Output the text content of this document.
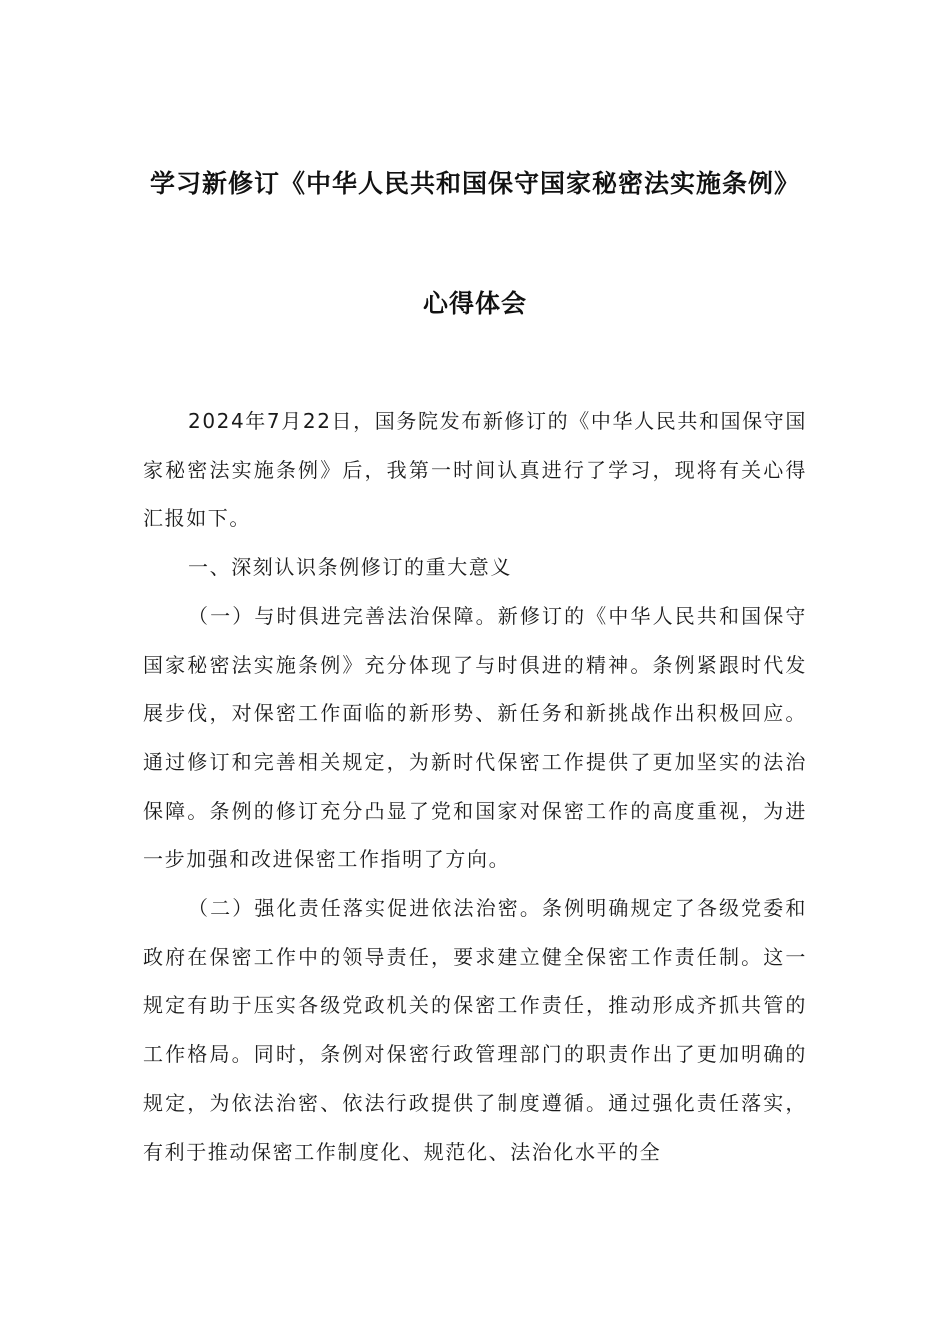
学习新修订《中华人民共和国保守国家秘密法实施条例》
心得体会

2024年7月22日，国务院发布新修订的《中华人民共和国保守国家秘密法实施条例》后，我第一时间认真进行了学习，现将有关心得汇报如下。

一、深刻认识条例修订的重大意义

（一）与时俱进完善法治保障。新修订的《中华人民共和国保守国家秘密法实施条例》充分体现了与时俱进的精神。条例紧跟时代发展步伐，对保密工作面临的新形势、新任务和新挑战作出积极回应。通过修订和完善相关规定，为新时代保密工作提供了更加坚实的法治保障。条例的修订充分凸显了党和国家对保密工作的高度重视，为进一步加强和改进保密工作指明了方向。

（二）强化责任落实促进依法治密。条例明确规定了各级党委和政府在保密工作中的领导责任，要求建立健全保密工作责任制。这一规定有助于压实各级党政机关的保密工作责任，推动形成齐抓共管的工作格局。同时，条例对保密行政管理部门的职责作出了更加明确的规定，为依法治密、依法行政提供了制度遵循。通过强化责任落实，有利于推动保密工作制度化、规范化、法治化水平的全
